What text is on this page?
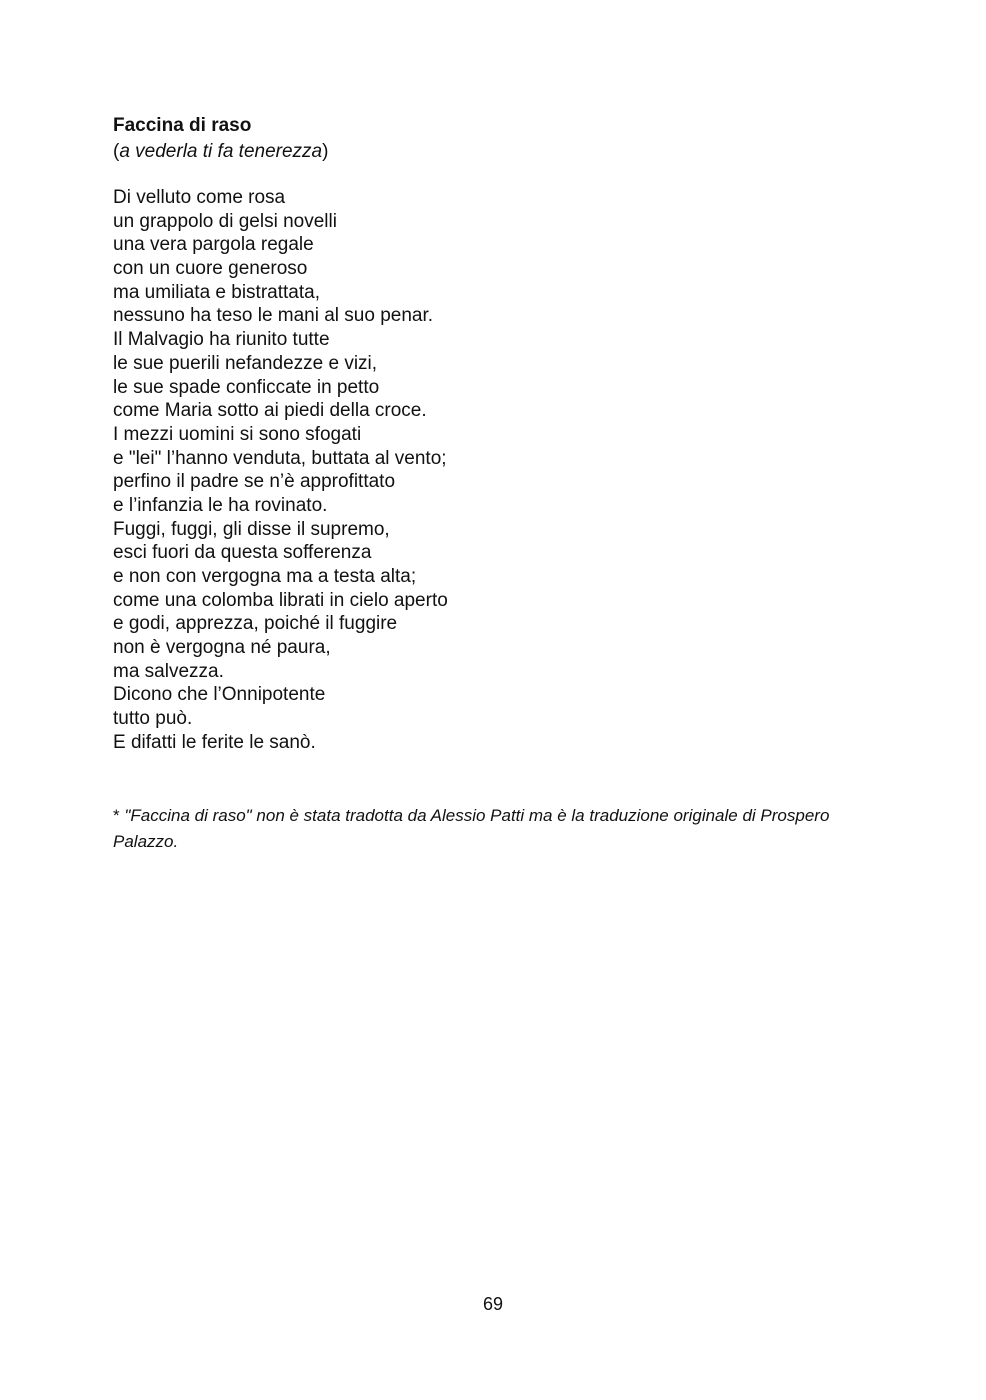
Faccina di raso

(a vederla ti fa tenerezza)

Di velluto come rosa
un grappolo di gelsi novelli
una vera pargola regale
con un cuore generoso
ma umiliata e bistrattata,
nessuno ha teso le mani al suo penar.
Il Malvagio ha riunito tutte
le sue puerili nefandezze e vizi,
le sue spade conficcate in petto
come Maria sotto ai piedi della croce.
I mezzi uomini si sono sfogati
e "lei" l’hanno venduta, buttata al vento;
perfino il padre se n’è approfittato
e l’infanzia le ha rovinato.
Fuggi, fuggi, gli disse il supremo,
esci fuori da questa sofferenza
e non con vergogna ma a testa alta;
come una colomba librati in cielo aperto
e godi, apprezza, poiché il fuggire
non è vergogna né paura,
ma salvezza.
Dicono che l’Onnipotente
tutto può.
E difatti le ferite le sanò.

* "Faccina di raso" non è stata tradotta da Alessio Patti ma è la traduzione originale di Prospero Palazzo.

69
